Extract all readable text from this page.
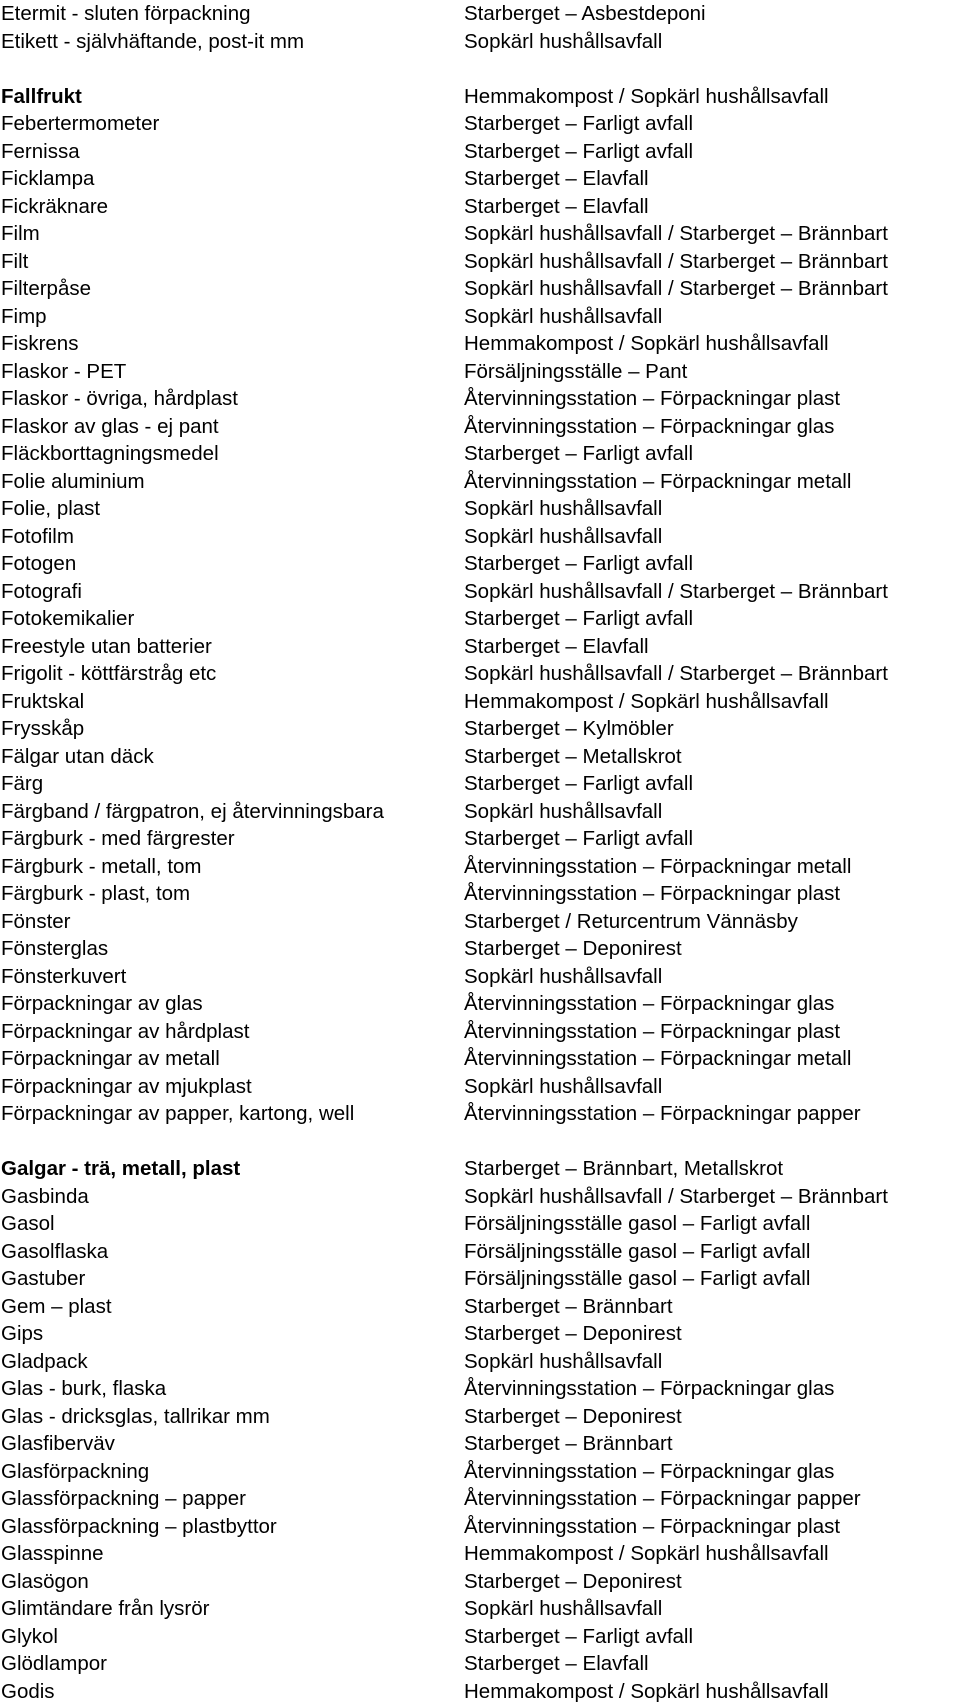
Etermit - sluten förpackning	Starberget – Asbestdeponi
Etikett - självhäftande, post-it mm	Sopkärl hushållsavfall
Fallfrukt	Hemmakompost / Sopkärl hushållsavfall
Febertermometer	Starberget – Farligt avfall
Fernissa	Starberget – Farligt avfall
Ficklampa	Starberget – Elavfall
Fickräknare	Starberget – Elavfall
Film	Sopkärl hushållsavfall / Starberget – Brännbart
Filt	Sopkärl hushållsavfall / Starberget – Brännbart
Filterpåse	Sopkärl hushållsavfall / Starberget – Brännbart
Fimp	Sopkärl hushållsavfall
Fiskrens	Hemmakompost / Sopkärl hushållsavfall
Flaskor - PET	Försäljningsställe – Pant
Flaskor - övriga, hårdplast	Återvinningsstation – Förpackningar plast
Flaskor av glas - ej pant	Återvinningsstation – Förpackningar glas
Fläckborttagningsmedel	Starberget – Farligt avfall
Folie aluminium	Återvinningsstation – Förpackningar metall
Folie, plast	Sopkärl hushållsavfall
Fotofilm	Sopkärl hushållsavfall
Fotogen	Starberget – Farligt avfall
Fotografi	Sopkärl hushållsavfall / Starberget – Brännbart
Fotokemikalier	Starberget – Farligt avfall
Freestyle utan batterier	Starberget – Elavfall
Frigolit - köttfärstråg etc	Sopkärl hushållsavfall / Starberget – Brännbart
Fruktskal	Hemmakompost / Sopkärl hushållsavfall
Frysskåp	Starberget – Kylmöbler
Fälgar utan däck	Starberget – Metallskrot
Färg	Starberget – Farligt avfall
Färgband / färgpatron, ej återvinningsbara	Sopkärl hushållsavfall
Färgburk - med färgrester	Starberget – Farligt avfall
Färgburk - metall, tom	Återvinningsstation – Förpackningar metall
Färgburk - plast, tom	Återvinningsstation – Förpackningar plast
Fönster	Starberget / Returcentrum Vännäsby
Fönsterglas	Starberget – Deponirest
Fönsterkuvert	Sopkärl hushållsavfall
Förpackningar av glas	Återvinningsstation – Förpackningar glas
Förpackningar av hårdplast	Återvinningsstation – Förpackningar plast
Förpackningar av metall	Återvinningsstation – Förpackningar metall
Förpackningar av mjukplast	Sopkärl hushållsavfall
Förpackningar av papper, kartong, well	Återvinningsstation – Förpackningar papper
Galgar - trä, metall, plast	Starberget – Brännbart, Metallskrot
Gasbinda	Sopkärl hushållsavfall / Starberget – Brännbart
Gasol	Försäljningsställe gasol – Farligt avfall
Gasolflaska	Försäljningsställe gasol – Farligt avfall
Gastuber	Försäljningsställe gasol – Farligt avfall
Gem – plast	Starberget – Brännbart
Gips	Starberget – Deponirest
Gladpack	Sopkärl hushållsavfall
Glas - burk, flaska	Återvinningsstation – Förpackningar glas
Glas - dricksglas, tallrikar mm	Starberget – Deponirest
Glasfiberväv	Starberget – Brännbart
Glasförpackning	Återvinningsstation – Förpackningar glas
Glassförpackning – papper	Återvinningsstation – Förpackningar papper
Glassförpackning – plastbyttor	Återvinningsstation – Förpackningar plast
Glasspinne	Hemmakompost / Sopkärl hushållsavfall
Glasögon	Starberget – Deponirest
Glimtändare från lysrör	Sopkärl hushållsavfall
Glykol	Starberget – Farligt avfall
Glödlampor	Starberget – Elavfall
Godis	Hemmakompost / Sopkärl hushållsavfall
